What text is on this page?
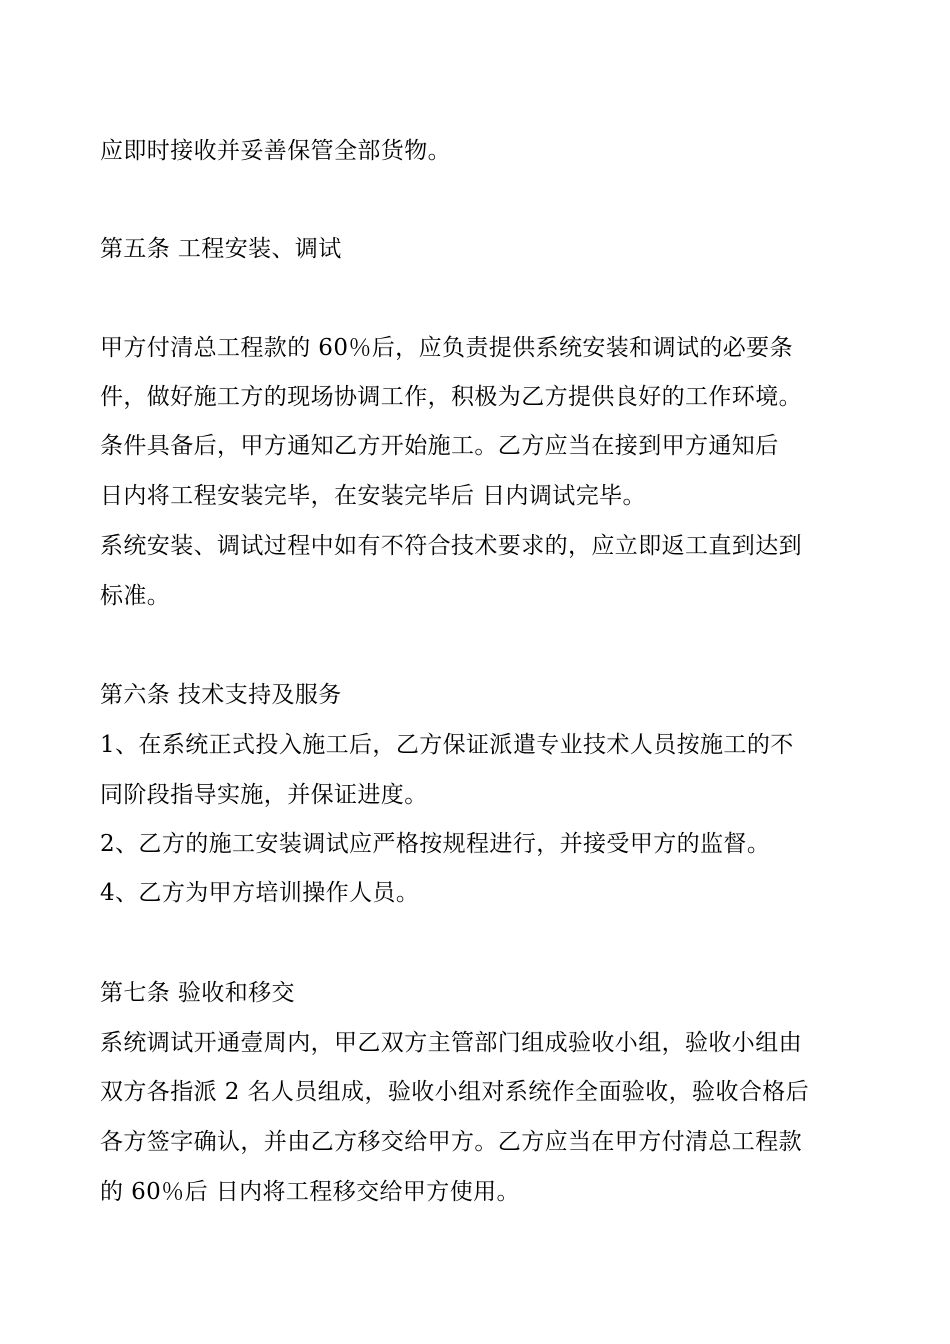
应即时接收并妥善保管全部货物。
第五条 工程安装、调试
甲方付清总工程款的 60％后，应负责提供系统安装和调试的必要条
件，做好施工方的现场协调工作，积极为乙方提供良好的工作环境。
条件具备后，甲方通知乙方开始施工。乙方应当在接到甲方通知后
日内将工程安装完毕，在安装完毕后 日内调试完毕。
系统安装、调试过程中如有不符合技术要求的，应立即返工直到达到
标准。
第六条 技术支持及服务
1、在系统正式投入施工后，乙方保证派遣专业技术人员按施工的不
同阶段指导实施，并保证进度。
2、乙方的施工安装调试应严格按规程进行，并接受甲方的监督。
4、乙方为甲方培训操作人员。
第七条 验收和移交
系统调试开通壹周内，甲乙双方主管部门组成验收小组，验收小组由
双方各指派 2 名人员组成，验收小组对系统作全面验收，验收合格后
各方签字确认，并由乙方移交给甲方。乙方应当在甲方付清总工程款
的 60％后 日内将工程移交给甲方使用。
